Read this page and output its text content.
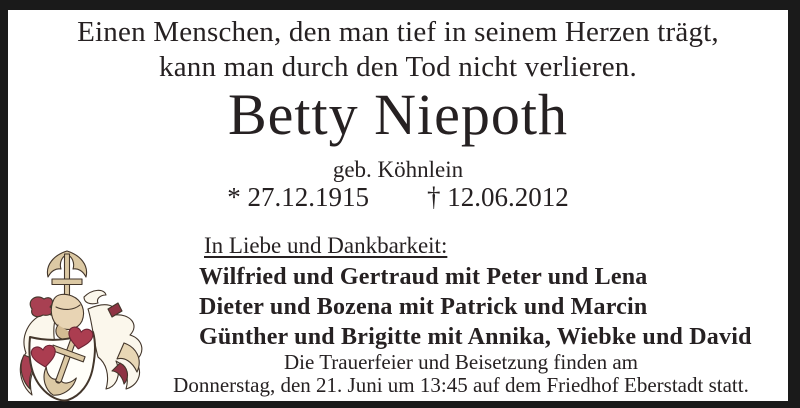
Einen Menschen, den man tief in seinem Herzen trägt,
kann man durch den Tod nicht verlieren.
Betty Niepoth
geb. Köhnlein
* 27.12.1915 † 12.06.2012
In Liebe und Dankbarkeit:
Wilfried und Gertraud mit Peter und Lena
Dieter und Bozena mit Patrick und Marcin
Günther und Brigitte mit Annika, Wiebke und David
Die Trauerfeier und Beisetzung finden am
Donnerstag, den 21. Juni um 13:45 auf dem Friedhof Eberstadt statt.
